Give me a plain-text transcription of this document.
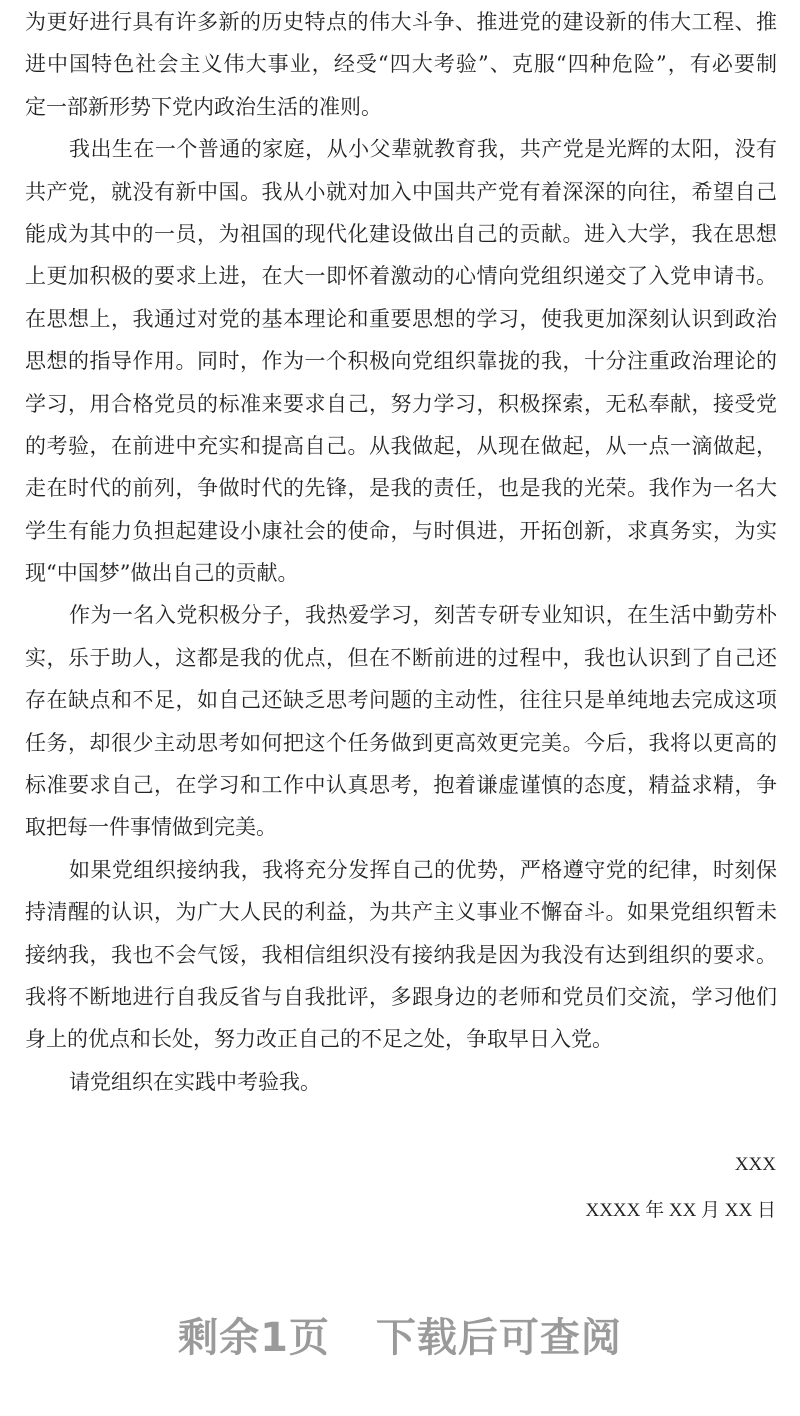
为更好进行具有许多新的历史特点的伟大斗争、推进党的建设新的伟大工程、推
进中国特色社会主义伟大事业，经受“四大考验”、克服“四种危险”，有必要制
定一部新形势下党内政治生活的准则。
我出生在一个普通的家庭，从小父辈就教育我，共产党是光辉的太阳，没有
共产党，就没有新中国。我从小就对加入中国共产党有着深深的向往，希望自己
能成为其中的一员，为祖国的现代化建设做出自己的贡献。进入大学，我在思想
上更加积极的要求上进，在大一即怀着激动的心情向党组织递交了入党申请书。
在思想上，我通过对党的基本理论和重要思想的学习，使我更加深刻认识到政治
思想的指导作用。同时，作为一个积极向党组织靠拢的我，十分注重政治理论的
学习，用合格党员的标准来要求自己，努力学习，积极探索，无私奉献，接受党
的考验，在前进中充实和提高自己。从我做起，从现在做起，从一点一滴做起，
走在时代的前列，争做时代的先锋，是我的责任，也是我的光荣。我作为一名大
学生有能力负担起建设小康社会的使命，与时俱进，开拓创新，求真务实，为实
现“中国梦”做出自己的贡献。
作为一名入党积极分子，我热爱学习，刻苦专研专业知识，在生活中勤劳朴
实，乐于助人，这都是我的优点，但在不断前进的过程中，我也认识到了自己还
存在缺点和不足，如自己还缺乏思考问题的主动性，往往只是单纯地去完成这项
任务，却很少主动思考如何把这个任务做到更高效更完美。今后，我将以更高的
标准要求自己，在学习和工作中认真思考，抱着谦虚谨慎的态度，精益求精，争
取把每一件事情做到完美。
如果党组织接纳我，我将充分发挥自己的优势，严格遵守党的纪律，时刻保
持清醒的认识，为广大人民的利益，为共产主义事业不懈奋斗。如果党组织暂未
接纳我，我也不会气馁，我相信组织没有接纳我是因为我没有达到组织的要求。
我将不断地进行自我反省与自我批评，多跟身边的老师和党员们交流，学习他们
身上的优点和长处，努力改正自己的不足之处，争取早日入党。
请党组织在实践中考验我。
XXX
XXXX 年 XX 月 XX 日
剩余1页 下载后可查阅
